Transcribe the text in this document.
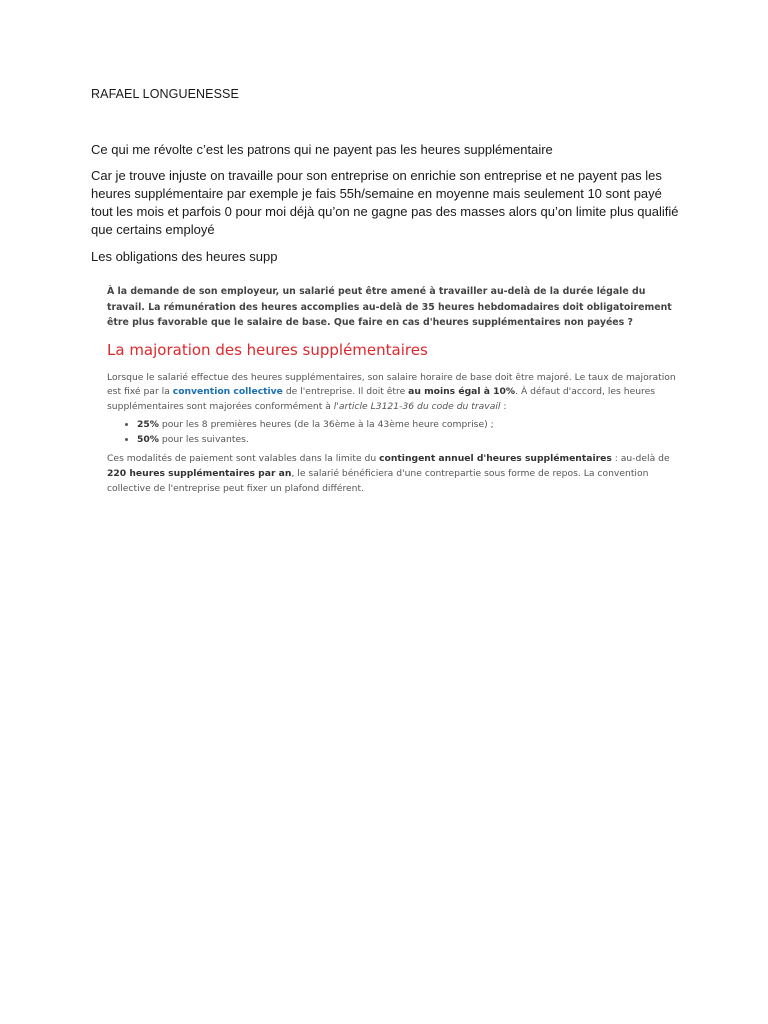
RAFAEL LONGUENESSE

Ce qui me révolte c’est les patrons qui ne payent pas les heures supplémentaire

Car je trouve injuste on travaille pour son entreprise on enrichie son entreprise et ne payent pas les heures supplémentaire par exemple je fais 55h/semaine en moyenne mais seulement 10 sont payé tout les mois et parfois 0 pour moi déjà qu’on ne gagne pas des masses alors qu’on limite plus qualifié que certains employé

Les obligations des heures supp

À la demande de son employeur, un salarié peut être amené à travailler au-delà de la durée légale du travail. La rémunération des heures accomplies au-delà de 35 heures hebdomadaires doit obligatoirement être plus favorable que le salaire de base. Que faire en cas d'heures supplémentaires non payées ?

La majoration des heures supplémentaires

Lorsque le salarié effectue des heures supplémentaires, son salaire horaire de base doit être majoré. Le taux de majoration est fixé par la convention collective de l'entreprise. Il doit être au moins égal à 10%. À défaut d'accord, les heures supplémentaires sont majorées conformément à l'article L3121-36 du code du travail :

• 25% pour les 8 premières heures (de la 36ème à la 43ème heure comprise) ;
• 50% pour les suivantes.

Ces modalités de paiement sont valables dans la limite du contingent annuel d'heures supplémentaires : au-delà de 220 heures supplémentaires par an, le salarié bénéficiera d'une contrepartie sous forme de repos. La convention collective de l'entreprise peut fixer un plafond différent.
